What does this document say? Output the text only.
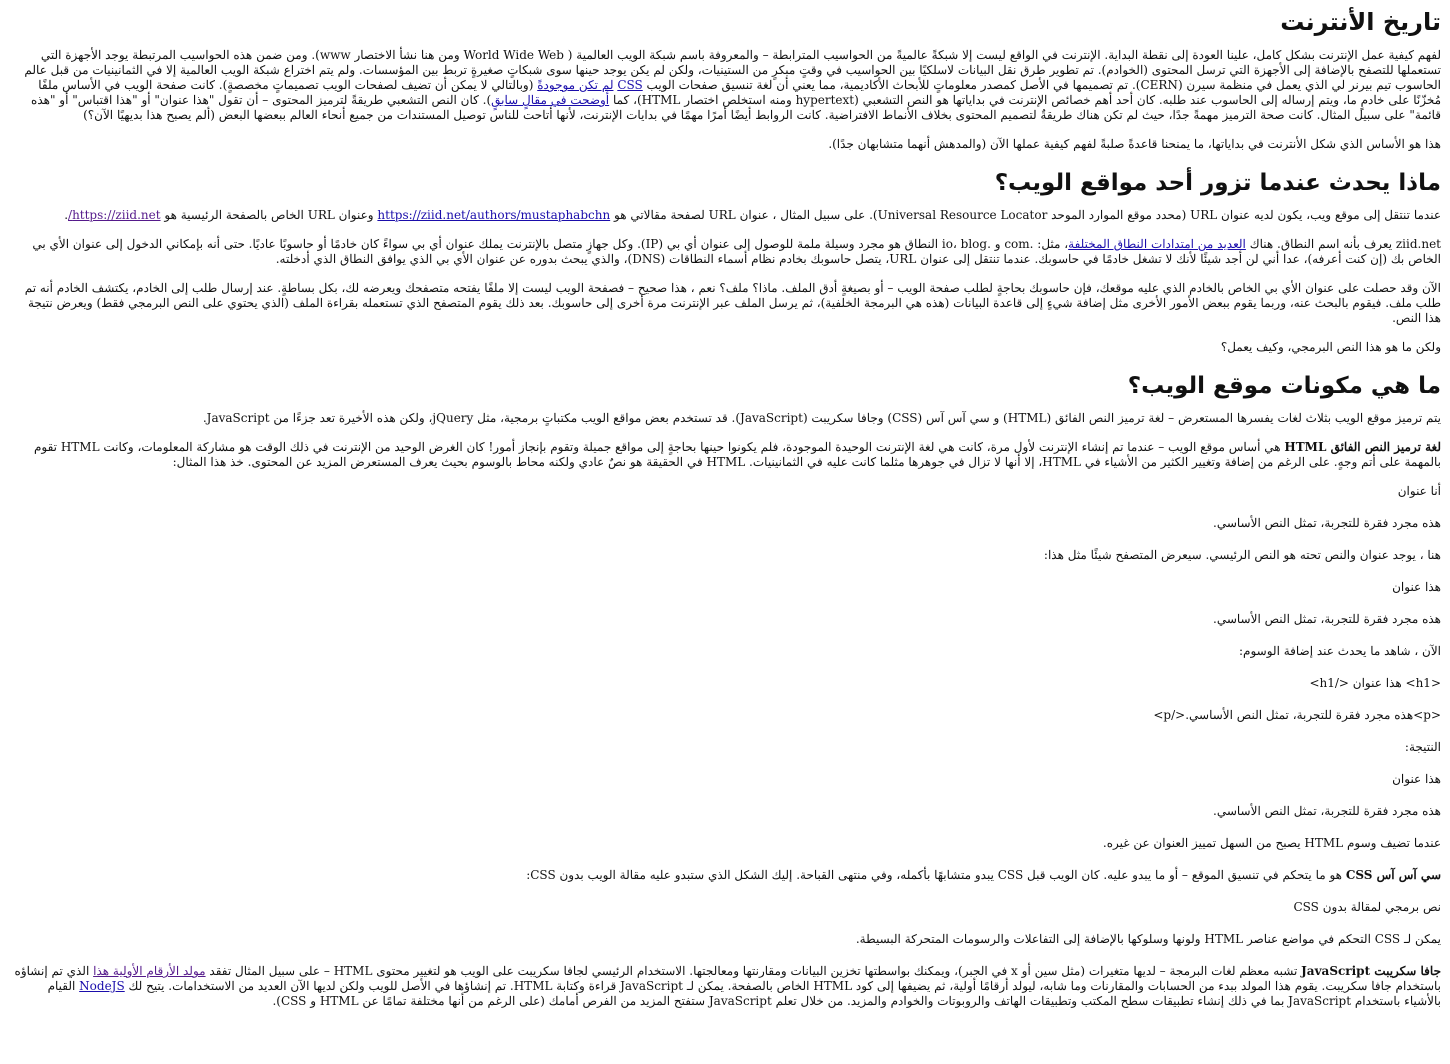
تاريخ الأنترنت

لفهم كيفية عمل الإنترنت بشكل كامل، علينا العودة إلى نقطة البداية. الإنترنت في الواقع ليست إلا شبكةً عالميةً من الحواسيب المترابطة – والمعروفة باسم شبكة الويب العالمية ( World Wide Web ومن هنا نشأ الاختصار www). ومن ضمن هذه الحواسيب المرتبطة يوجد الأجهزة التي تستعملها للتصفح بالإضافة إلى الأجهزة التي ترسل المحتوى (الخوادم). تم تطوير طرق نقل البيانات لاسلكيًا بين الحواسيب في وقتٍ مبكرٍ من الستينيات، ولكن لم يكن يوجد حينها سوى شبكاتٍ صغيرةٍ تربط بين المؤسسات. ولم يتم اختراع شبكة الويب العالمية إلا في الثمانينيات من قبل عالم الحاسوب تيم بيرنر لي الذي يعمل في منظمة سيرن (CERN). تم تصميمها في الأصل كمصدر معلوماتٍ للأبحاث الأكاديمية، مما يعني أن لغة تنسيق صفحات الويب CSS لم تكن موجودةً (وبالتالي لا يمكن أن تضيف لصفحات الويب تصميماتٍ مخصصةٍ). كانت صفحة الويب في الأساس ملفًا مُخزّنًا على خادمٍ ما، ويتم إرساله إلى الحاسوب عند طلبه. كان أحد أهم خصائص الإنترنت في بداياتها هو النص التشعبي (hypertext ومنه استخلص اختصار HTML)، كما أوضحت في مقالٍ سابقٍ). كان النص التشعبي طريقةً لترميز المحتوى – أن تقول "هذا عنوان" أو "هذا اقتباس" أو "هذه قائمة" على سبيل المثال. كانت صحة الترميز مهمةً جدًا، حيث لم تكن هناك طريقةٌ لتصميم المحتوى بخلاف الأنماط الافتراضية. كانت الروابط أيضًا أمرًا مهمًا في بدايات الإنترنت، لأنها أتاحت للناس توصيل المستندات من جميع أنحاء العالم ببعضها البعض (ألم يصبح هذا بديهيًا الآن؟)

هذا هو الأساس الذي شكل الأنترنت في بداياتها، ما يمنحنا قاعدةً صلبةً لفهم كيفية عملها الآن (والمدهش أنهما متشابهان جدًا).

ماذا يحدث عندما تزور أحد مواقع الويب؟

عندما تنتقل إلى موقع ويب، يكون لديه عنوان URL (محدد موقع الموارد الموحد Universal Resource Locator). على سبيل المثال ، عنوان URL لصفحة مقالاتي هو https://ziid.net/authors/mustaphabchn وعنوان URL الخاص بالصفحة الرئيسية هو https://ziid.net/.

ziid.net يعرف بأنه اسم النطاق. هناك العديد من امتدادات النطاق المختلفة، مثل: .com و .io، blog النطاق هو مجرد وسيلة ملمة للوصول إلى عنوان أي بي (IP). وكل جهازٍ متصل بالإنترنت يملك عنوان أي بي سواءً كان خادمًا أو حاسوبًا عاديًا. حتى أنه بإمكاني الدخول إلى عنوان الأي بي الخاص بك (إن كنت أعرفه)، عدا أني لن أجد شيئًا لأنك لا تشغل خادمًا في حاسوبك. عندما تنتقل إلى عنوان URL، يتصل حاسوبك بخادم نظام أسماء النطاقات (DNS)، والذي يبحث بدوره عن عنوان الأي بي الذي يوافق النطاق الذي أدخلته.

الآن وقد حصلت على عنوان الأي بي الخاص بالخادم الذي عليه موقعك، فإن حاسوبك بحاجةٍ لطلب صفحة الويب – أو بصيغةٍ أدق الملف. ماذا؟ ملف؟ نعم ، هذا صحيح – فصفحة الويب ليست إلا ملفًا يفتحه متصفحك ويعرضه لك، بكل بساطةٍ. عند إرسال طلب إلى الخادم، يكتشف الخادم أنه تم طلب ملف. فيقوم بالبحث عنه، وربما يقوم ببعض الأمور الأخرى مثل إضافة شيءٍ إلى قاعدة البيانات (هذه هي البرمجة الخلفية)، ثم يرسل الملف عبر الإنترنت مرة أخرى إلى حاسوبك. بعد ذلك يقوم المتصفح الذي تستعمله بقراءة الملف (الذي يحتوي على النص البرمجي فقط) ويعرض نتيجة هذا النص.

ولكن ما هو هذا النص البرمجي، وكيف يعمل؟

ما هي مكونات موقع الويب؟

يتم ترميز موقع الويب بثلاث لغات يفسرها المستعرض – لغة ترميز النص الفائق (HTML) و سي آس آس (CSS) وجافا سكريبت (JavaScript). قد تستخدم بعض مواقع الويب مكتباتٍ برمجية، مثل jQuery، ولكن هذه الأخيرة تعد جزءًا من JavaScript.

لغة ترميز النص الفائق HTML هي أساس موقع الويب – عندما تم إنشاء الإنترنت لأول مرة، كانت هي لغة الإنترنت الوحيدة الموجودة، فلم يكونوا حينها بحاجةٍ إلى مواقع جميلة وتقوم بإنجاز أمور! كان الغرض الوحيد من الإنترنت في ذلك الوقت هو مشاركة المعلومات، وكانت HTML تقوم بالمهمة على أتم وجهٍ. على الرغم من إضافة وتغيير الكثير من الأشياء في HTML، إلا أنها لا تزال في جوهرها مثلما كانت عليه في الثمانينيات. HTML في الحقيقة هو نصٌ عادي ولكنه محاط بالوسوم بحيث يعرف المستعرض المزيد عن المحتوى. خذ هذا المثال:

أنا عنوان

هذه مجرد فقرة للتجربة، تمثل النص الأساسي.

هنا ، يوجد عنوان والنص تحته هو النص الرئيسي. سيعرض المتصفح شيئًا مثل هذا:

هذا عنوان

هذه مجرد فقرة للتجربة، تمثل النص الأساسي.

الآن ، شاهد ما يحدث عند إضافة الوسوم:

<h1> هذا عنوان </h1>

<p>هذه مجرد فقرة للتجربة، تمثل النص الأساسي.</p>

النتيجة:

هذا عنوان

هذه مجرد فقرة للتجربة، تمثل النص الأساسي.

عندما تضيف وسوم HTML يصبح من السهل تمييز العنوان عن غيره.

سي آس آس CSS هو ما يتحكم في تنسيق الموقع – أو ما يبدو عليه. كان الويب قبل CSS يبدو متشابهًا بأكمله، وفي منتهى القباحة. إليك الشكل الذي ستبدو عليه مقالة الويب بدون CSS:

نص برمجي لمقالة بدون CSS

يمكن لـ CSS التحكم في مواضع عناصر HTML ولونها وسلوكها بالإضافة إلى التفاعلات والرسومات المتحركة البسيطة.

جافا سكريبت JavaScript تشبه معظم لغات البرمجة – لديها متغيرات (مثل سين أو x في الجبر)، ويمكنك بواسطتها تخزين البيانات ومقارنتها ومعالجتها. الاستخدام الرئيسي لجافا سكريبت على الويب هو لتغيير محتوى HTML – على سبيل المثال تفقد مولد الأرقام الأولية هذا الذي تم إنشاؤه باستخدام جافا سكريبت. يقوم هذا المولد ببدء من الحسابات والمقارنات وما شابه، ليولد أرقامًا أولية، ثم يضيفها إلى كود HTML الخاص بالصفحة. يمكن لـ JavaScript قراءة وكتابة HTML. تم إنشاؤها في الأصل للويب ولكن لديها الآن العديد من الاستخدامات. يتيح لك NodeJS القيام بالأشياء باستخدام JavaScript بما في ذلك إنشاء تطبيقات سطح المكتب وتطبيقات الهاتف والروبوتات والخوادم والمزيد. من خلال تعلم JavaScript ستفتح المزيد من الفرص أمامك (على الرغم من أنها مختلفة تمامًا عن HTML و CSS).
